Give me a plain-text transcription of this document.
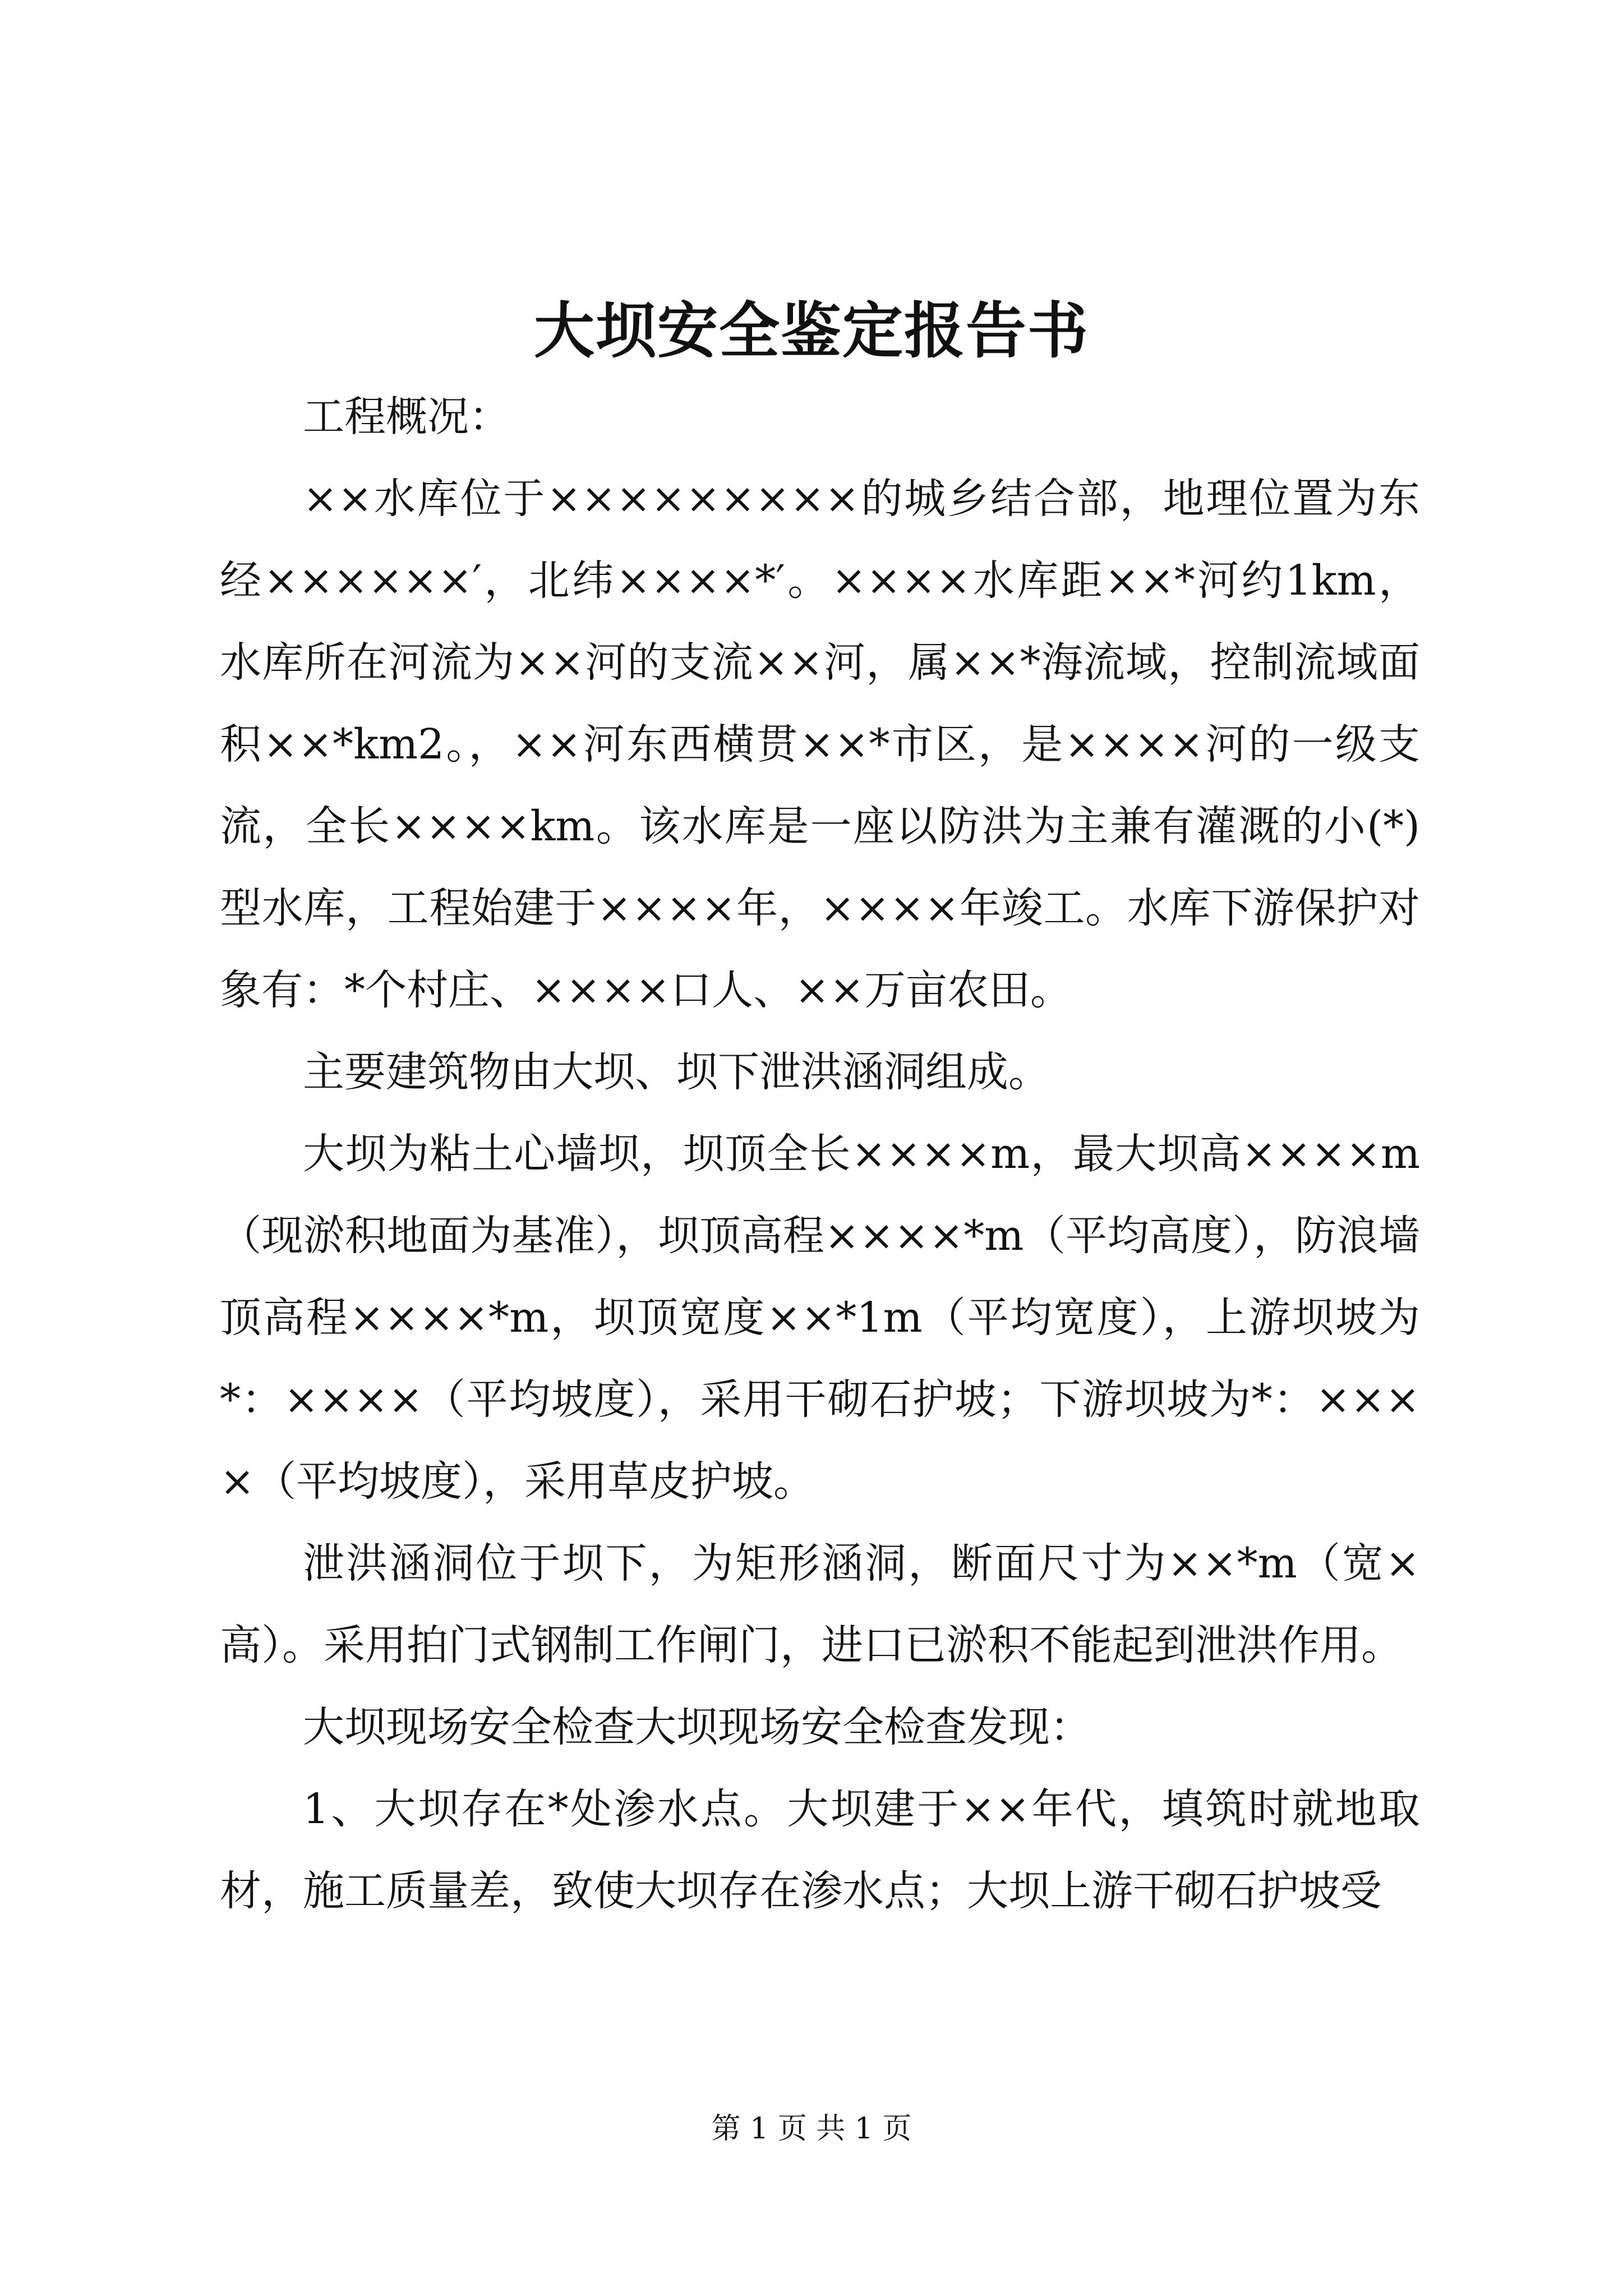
大坝安全鉴定报告书

工程概况：

××水库位于×××××××××的城乡结合部，地理位置为东经××××××′，北纬××××*′。××××水库距××*河约1km，水库所在河流为××河的支流××河，属××*海流域，控制流域面积××*km2。，××河东西横贯××*市区，是××××河的一级支流，全长××××km。该水库是一座以防洪为主兼有灌溉的小(*)型水库，工程始建于××××年，××××年竣工。水库下游保护对象有：*个村庄、××××口人、××万亩农田。

主要建筑物由大坝、坝下泄洪涵洞组成。

大坝为粘土心墙坝，坝顶全长××××m，最大坝高××××m（现淤积地面为基准），坝顶高程××××*m（平均高度），防浪墙顶高程××××*m，坝顶宽度××*1m（平均宽度），上游坝坡为*：××××（平均坡度），采用干砌石护坡；下游坝坡为*：××××（平均坡度），采用草皮护坡。

泄洪涵洞位于坝下，为矩形涵洞，断面尺寸为××*m（宽×高）。采用拍门式钢制工作闸门，进口已淤积不能起到泄洪作用。

大坝现场安全检查大坝现场安全检查发现：

1、大坝存在*处渗水点。大坝建于××年代，填筑时就地取材，施工质量差，致使大坝存在渗水点；大坝上游干砌石护坡受

第 1 页 共 1 页
